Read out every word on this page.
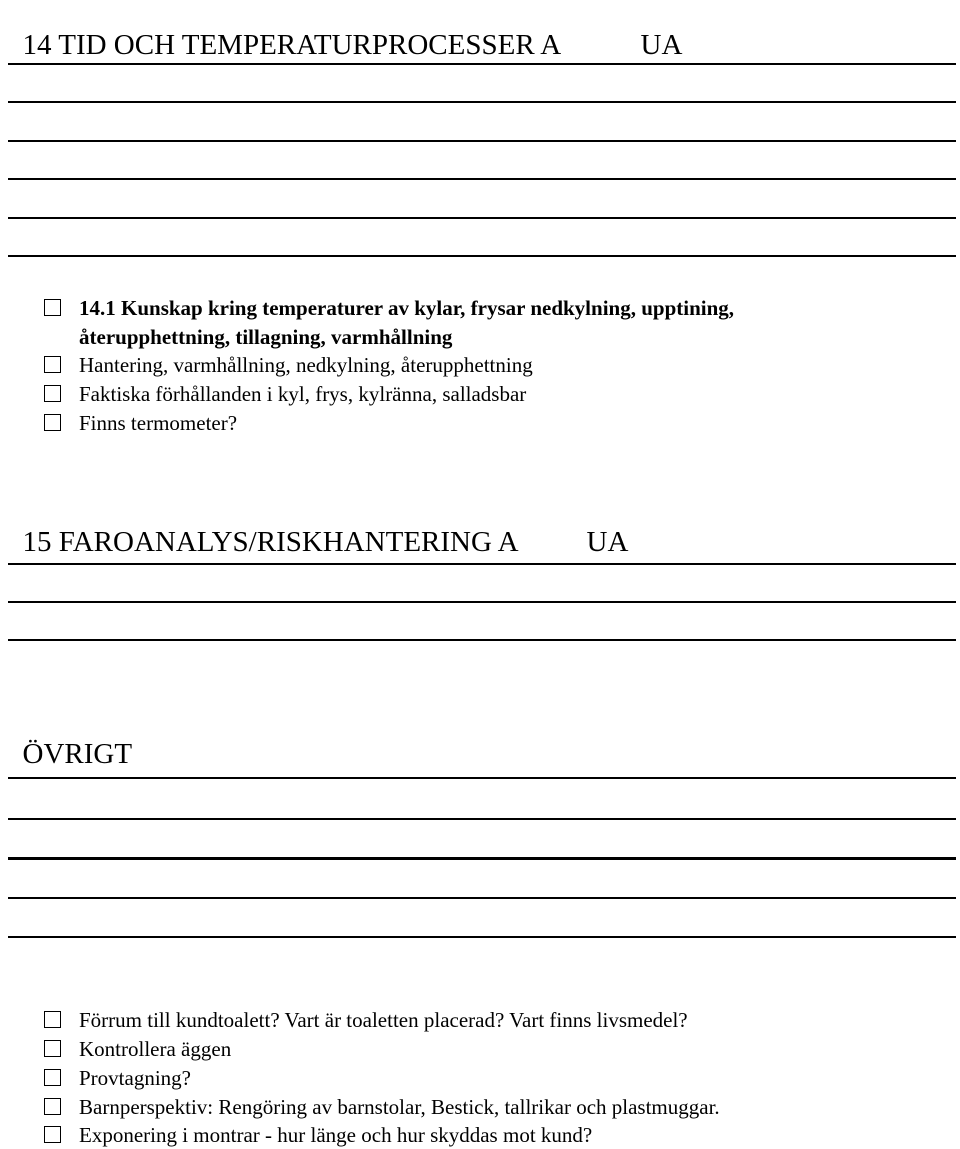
14 TID OCH TEMPERATURPROCESSER A	UA

14.1 Kunskap kring temperaturer av kylar, frysar nedkylning, upptining,
återupphettning, tillagning, varmhållning
Hantering, varmhållning, nedkylning, återupphettning
Faktiska förhållanden i kyl, frys, kylränna, salladsbar
Finns termometer?

15 FAROANALYS/RISKHANTERING A	UA

ÖVRIGT

Förrum till kundtoalett? Vart är toaletten placerad? Vart finns livsmedel?
Kontrollera äggen
Provtagning?
Barnperspektiv: Rengöring av barnstolar, Bestick, tallrikar och plastmuggar.
Exponering i montrar - hur länge och hur skyddas mot kund?
